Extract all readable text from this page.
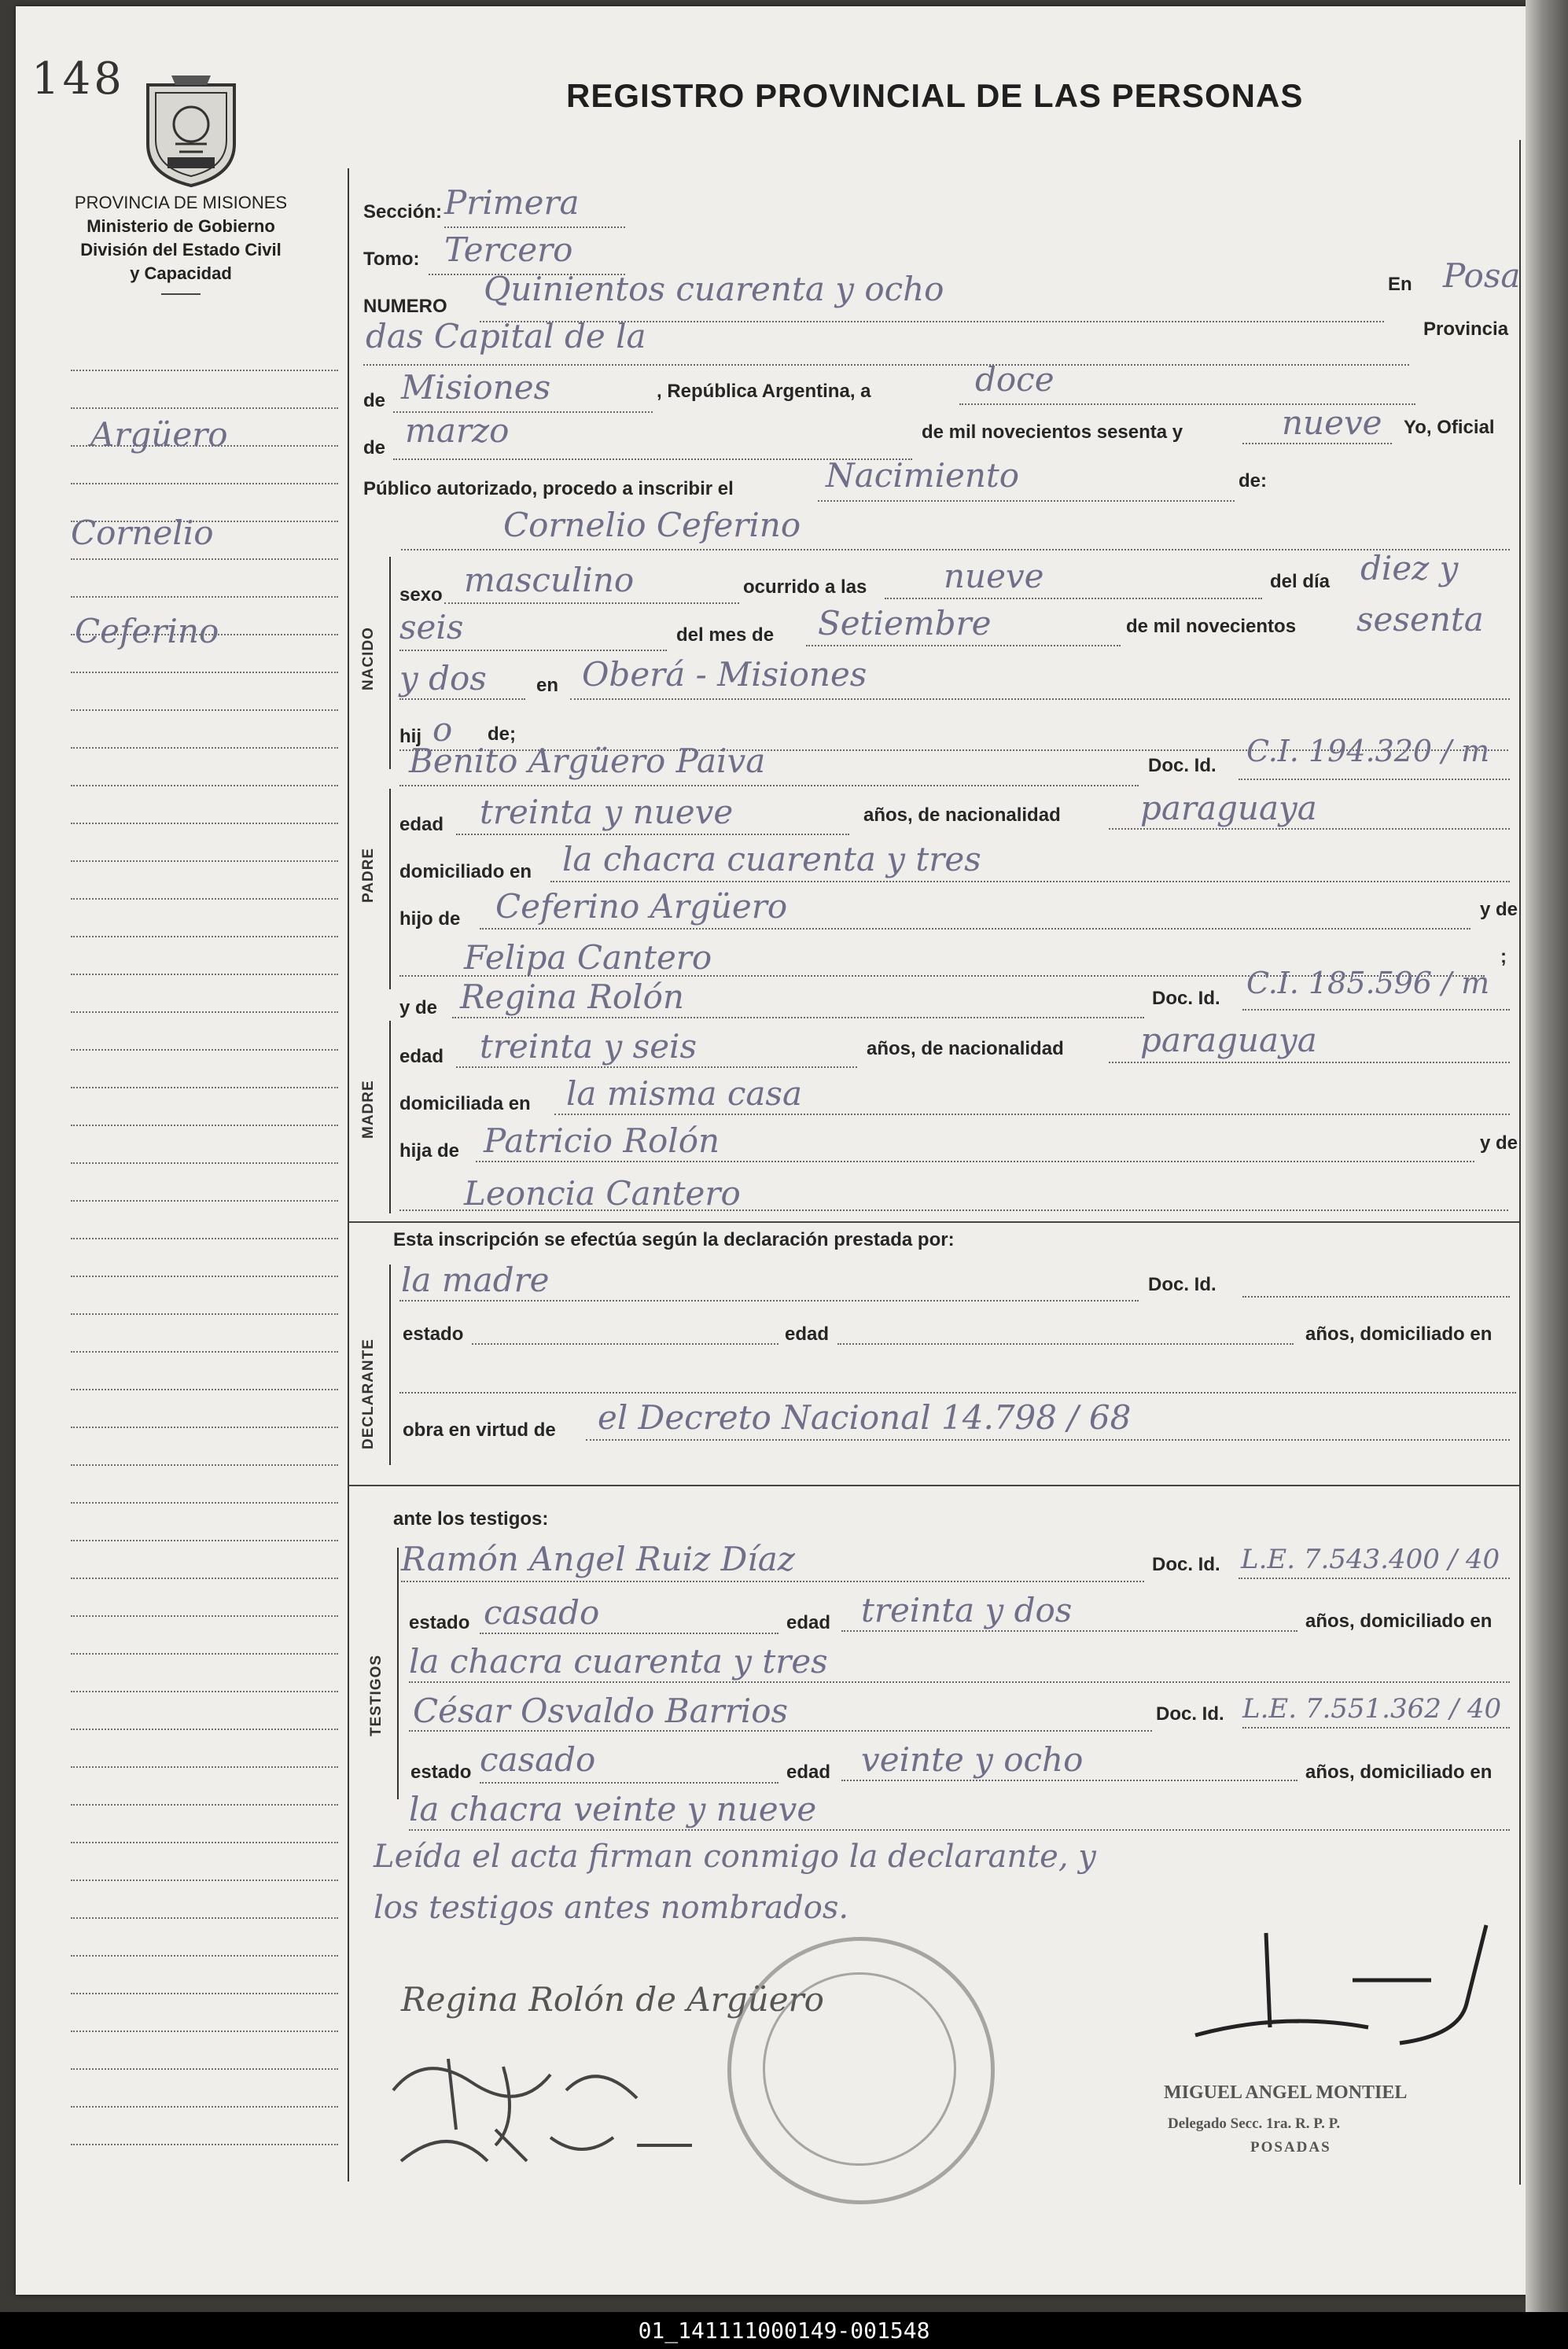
148	REGISTRO PROVINCIAL DE LAS PERSONAS
PROVINCIA DE MISIONES
Ministerio de Gobierno
División del Estado Civil
y Capacidad
Argüero
Cornelio
Ceferino
Sección: Primera
Tomo: Tercero
NUMERO Quinientos cuarenta y ocho	En Posa
das Capital de la	Provincia
de Misiones	, República Argentina, a	doce
de marzo	de mil novecientos sesenta y	nueve Yo, Oficial
Público autorizado, procedo a inscribir el	Nacimiento	de:
Cornelio Ceferino
NACIDO
sexo masculino	ocurrido a las nueve	del día diez y
seis	del mes de Setiembre	de mil novecientos sesenta
y dos	en Oberá - Misiones
hij o de;
Benito Argüero Paiva	Doc. Id. C.I. 194.320 / m
PADRE
edad treinta y nueve	años, de nacionalidad paraguaya
domiciliado en la chacra cuarenta y tres
hijo de Ceferino Argüero	y de
Felipa Cantero	;
y de Regina Rolón	Doc. Id. C.I. 185.596 / m
MADRE
edad treinta y seis	años, de nacionalidad paraguaya
domiciliada en la misma casa
hija de Patricio Rolón	y de
Leoncia Cantero
Esta inscripción se efectúa según la declaración prestada por:
la madre	Doc. Id.
DECLARANTE
estado	edad	años, domiciliado en
obra en virtud de el Decreto Nacional 14.798 / 68
ante los testigos:
Ramón Angel Ruiz Díaz	Doc. Id. L.E. 7.543.400 / 40
TESTIGOS
estado casado	edad treinta y dos	años, domiciliado en
la chacra cuarenta y tres
César Osvaldo Barrios	Doc. Id. L.E. 7.551.362 / 40
estado casado	edad veinte y ocho	años, domiciliado en
la chacra veinte y nueve
Leída el acta firman conmigo la declarante, y
los testigos antes nombrados.
Regina Rolón de Argüero
MIGUEL ANGEL MONTIEL
Delegado Secc. 1ra. R. P. P.
POSADAS
01_141111000149-001548
